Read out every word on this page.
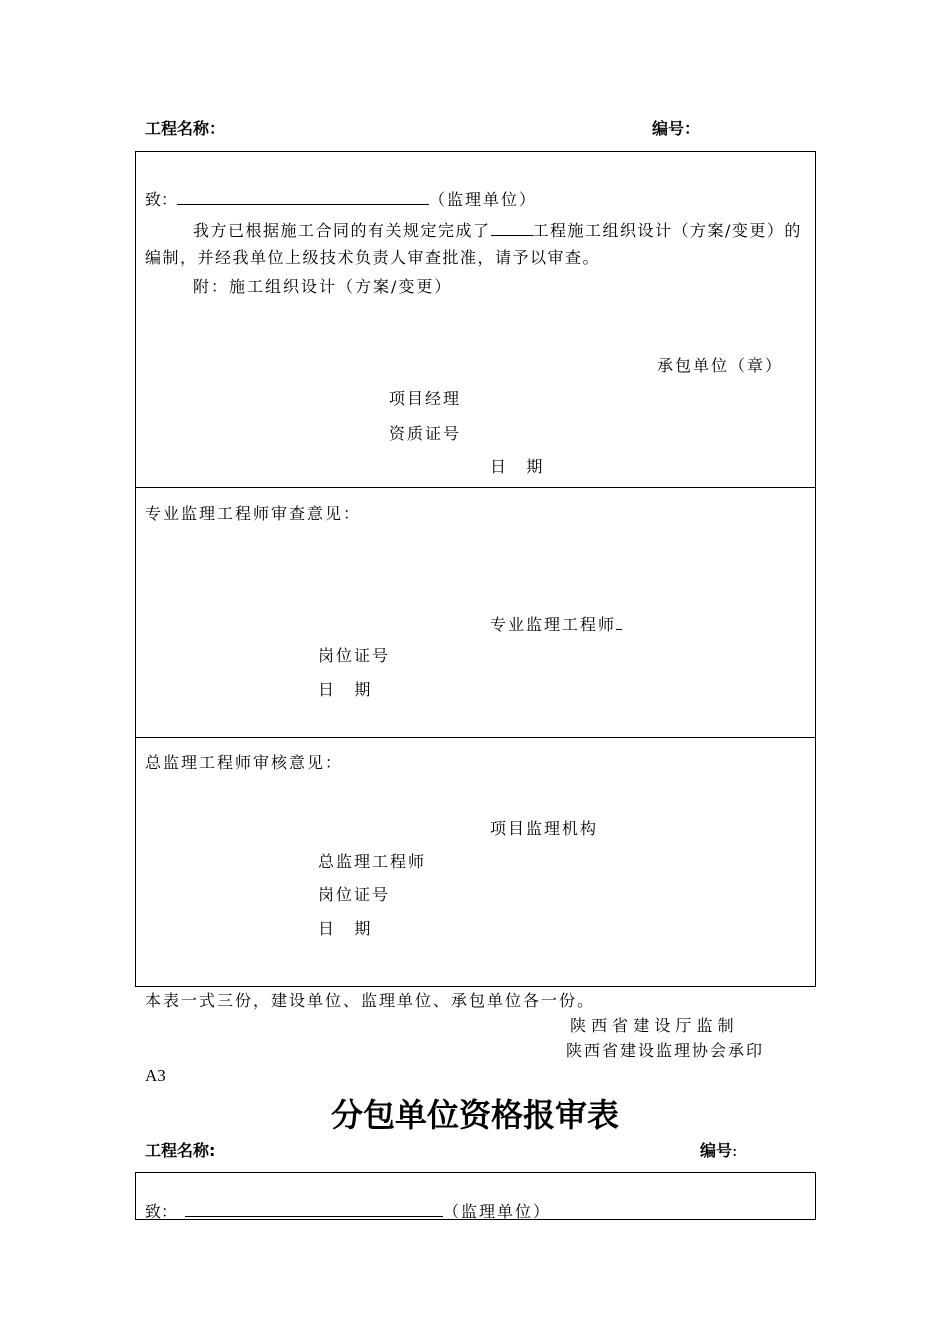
工程名称：	编号：
致：	（监理单位）
我方已根据施工合同的有关规定完成了	工程施工组织设计（方案/变更）的编制，并经我单位上级技术负责人审查批准，请予以审查。
附：施工组织设计（方案/变更）
承包单位（章）
项目经理
资质证号
日    期
专业监理工程师审查意见：
专业监理工程师
岗位证号
日    期
总监理工程师审核意见：
项目监理机构
总监理工程师
岗位证号
日    期
本表一式三份，建设单位、监理单位、承包单位各一份。
陕 西 省 建 设 厅 监 制
陕西省建设监理协会承印
A3
分包单位资格报审表
工程名称:	编号:
致：	（监理单位）
